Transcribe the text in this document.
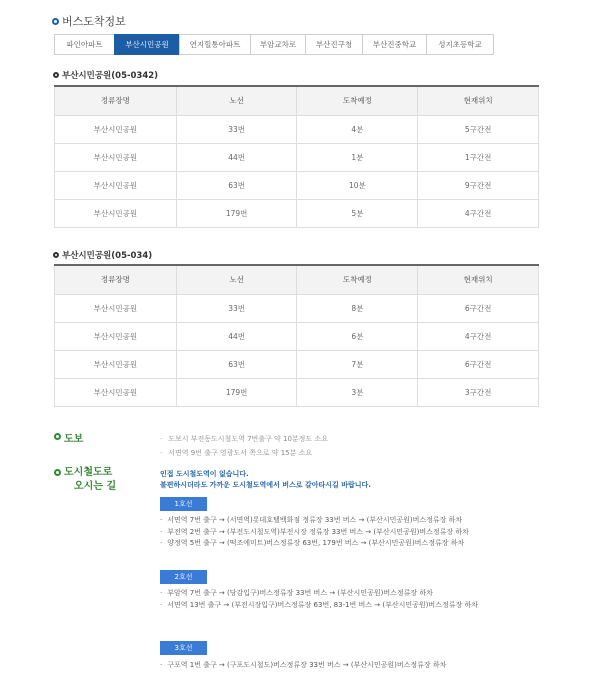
버스도착정보
파인아파트	부산시민공원	연지힐통아파트	부암교차로	부산진구청	부산진중학교	성지초등학교
부산시민공원(05-0342)
정류장명	노선	도착예정	현재위치
부산시민공원	33번	4분	5구간전
부산시민공원	44번	1분	1구간전
부산시민공원	63번	10분	9구간전
부산시민공원	179번	5분	4구간전
부산시민공원(05-034)
정류장명	노선	도착예정	현재위치
부산시민공원	33번	8분	6구간전
부산시민공원	44번	6분	4구간전
부산시민공원	63번	7분	6구간전
부산시민공원	179번	3분	3구간전
도보	· 도보시 부전동도시철도역 7번출구 약 10분정도 소요
· 서면역 9번 출구 영광도서 쪽으로 약 15분 소요
도시철도로
오시는 길
인접 도시철도역이 없습니다.
불편하시더라도 가까운 도시철도역에서 버스로 갈아타시길 바랍니다.
1호선
· 서면역 7번 출구 → (서면역)롯데호텔백화점 정류장 33번 버스 → (부산시민공원)버스정류장 하차
· 부전역 2번 출구 → (부전도시철도역)부전시장 정류장 33번 버스 → (부산시민공원)버스정류장 하차
· 양정역 5번 출구 → (떡조에미트)버스정류장 63번, 179번 버스 → (부산시민공원)버스정류장 하차
2호선
· 부암역 7번 출구 → (당감입구)버스정류장 33번 버스 → (부산시민공원)버스정류장 하차
· 서면역 13번 출구 → (부전시장입구)버스정류장 63번, 83-1번 버스 → (부산시민공원)버스정류장 하차
3호선
· 구포역 1번 출구 → (구포도시철도)버스정류장 33번 버스 → (부산시민공원)버스정류장 하차
